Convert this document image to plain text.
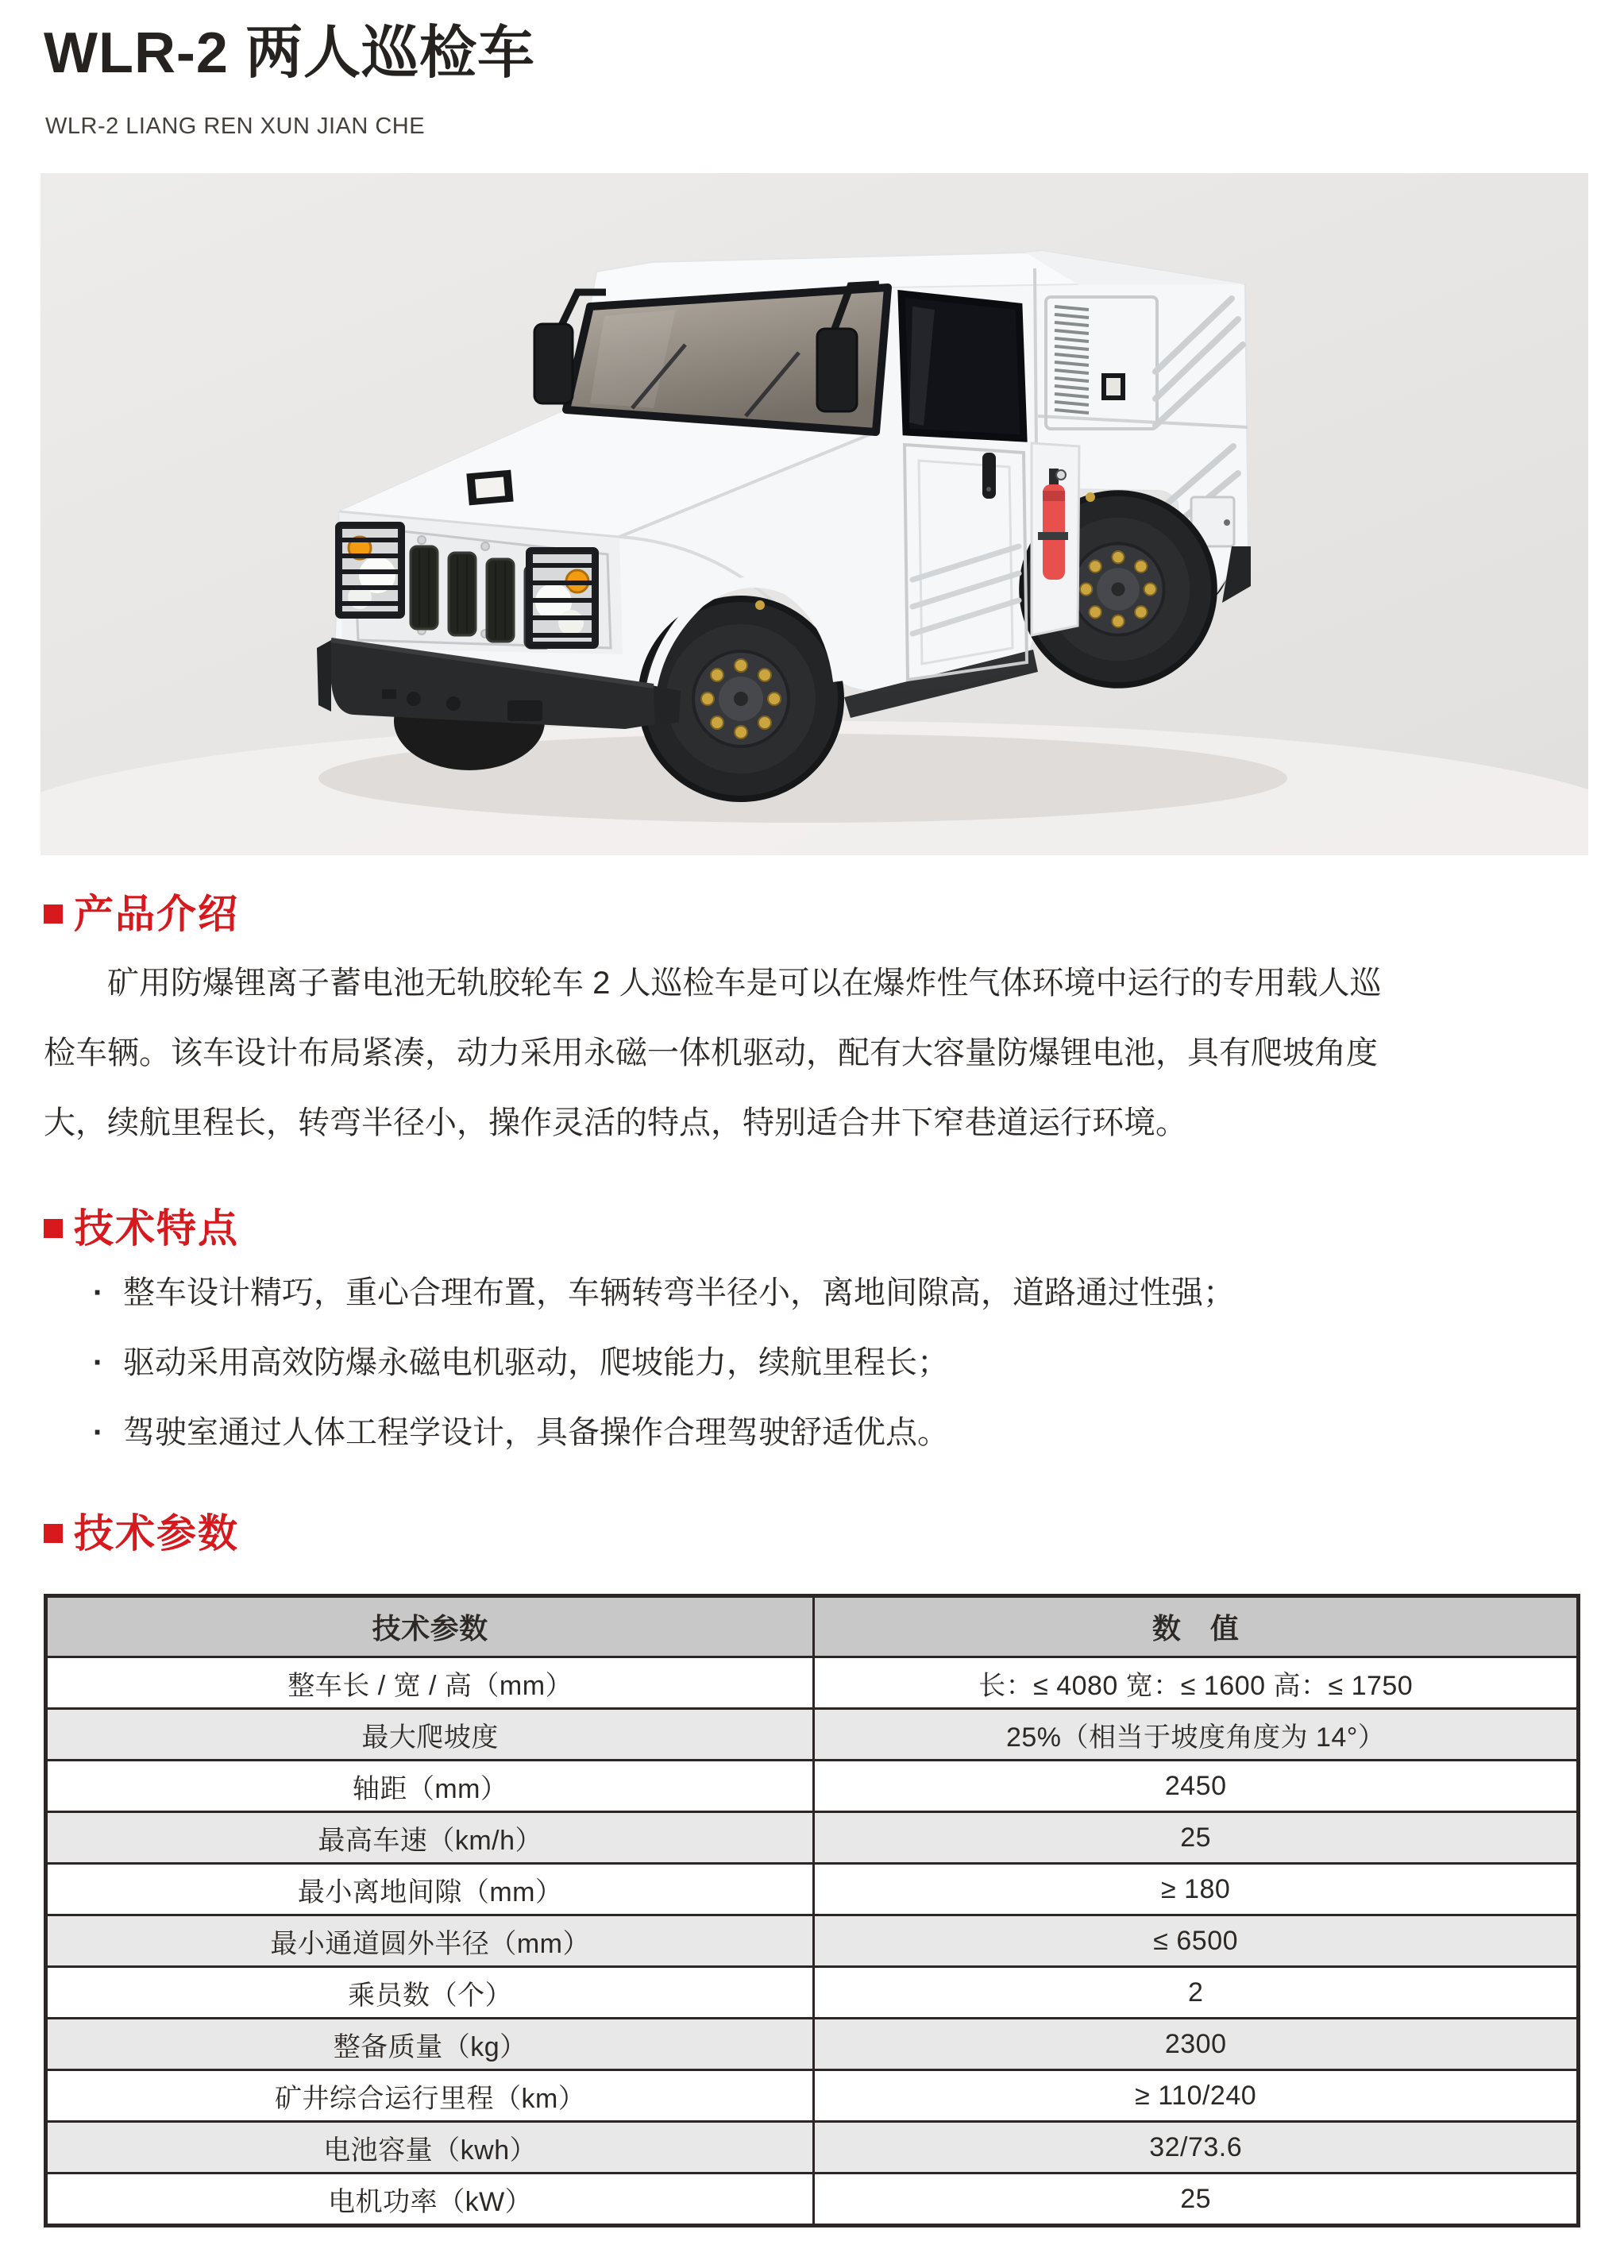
WLR-2 两人巡检车
WLR-2 LIANG REN XUN JIAN CHE
产品介绍
矿用防爆锂离子蓄电池无轨胶轮车 2 人巡检车是可以在爆炸性气体环境中运行的专用载人巡
检车辆。该车设计布局紧凑，动力采用永磁一体机驱动，配有大容量防爆锂电池，具有爬坡角度
大，续航里程长，转弯半径小，操作灵活的特点，特别适合井下窄巷道运行环境。
技术特点
· 整车设计精巧，重心合理布置，车辆转弯半径小，离地间隙高，道路通过性强；
· 驱动采用高效防爆永磁电机驱动，爬坡能力，续航里程长；
· 驾驶室通过人体工程学设计，具备操作合理驾驶舒适优点。
技术参数
技术参数	数　值
整车长 / 宽 / 高（mm）	长：≤ 4080 宽：≤ 1600 高：≤ 1750
最大爬坡度	25%（相当于坡度角度为 14°）
轴距（mm）	2450
最高车速（km/h）	25
最小离地间隙（mm）	≥ 180
最小通道圆外半径（mm）	≤ 6500
乘员数（个）	2
整备质量（kg）	2300
矿井综合运行里程（km）	≥ 110/240
电池容量（kwh）	32/73.6
电机功率（kW）	25
